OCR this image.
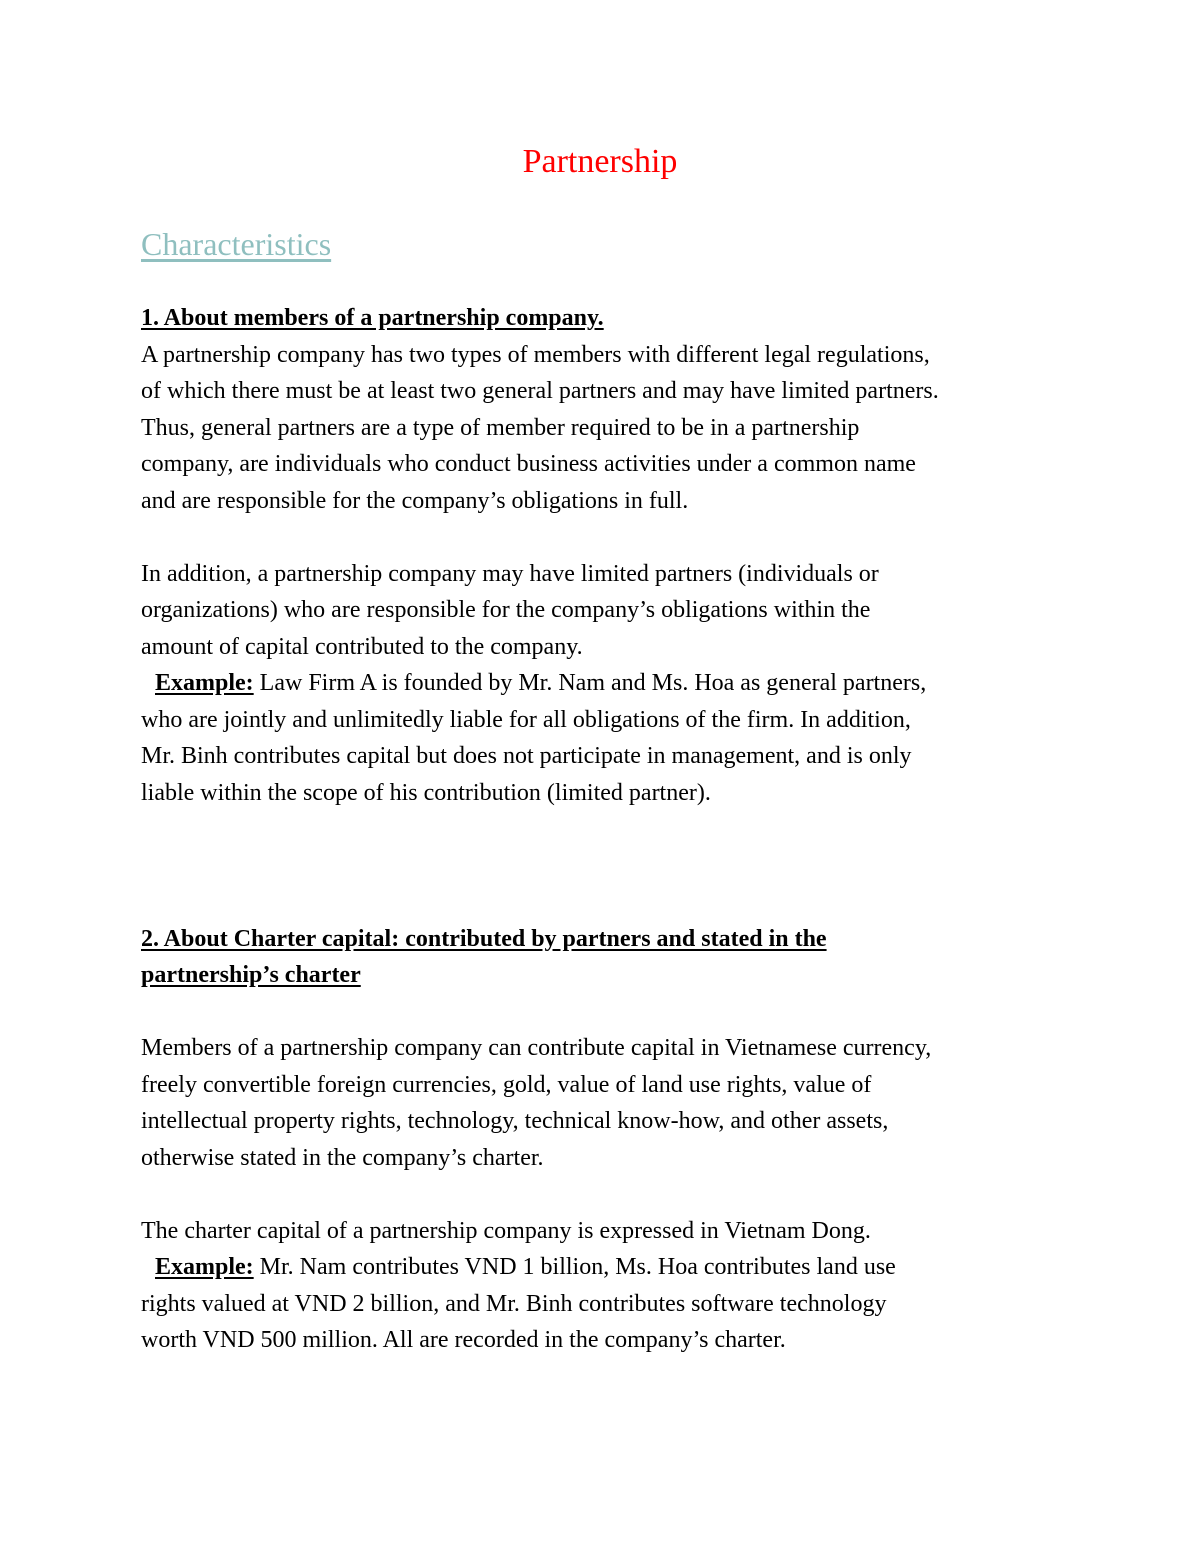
Partnership
Characteristics
1. About members of a partnership company.
A partnership company has two types of members with different legal regulations,
of which there must be at least two general partners and may have limited partners.
Thus, general partners are a type of member required to be in a partnership
company, are individuals who conduct business activities under a common name
and are responsible for the company’s obligations in full.
In addition, a partnership company may have limited partners (individuals or
organizations) who are responsible for the company’s obligations within the
amount of capital contributed to the company.
Example: Law Firm A is founded by Mr. Nam and Ms. Hoa as general partners,
who are jointly and unlimitedly liable for all obligations of the firm. In addition,
Mr. Binh contributes capital but does not participate in management, and is only
liable within the scope of his contribution (limited partner).
2. About Charter capital: contributed by partners and stated in the
partnership’s charter
Members of a partnership company can contribute capital in Vietnamese currency,
freely convertible foreign currencies, gold, value of land use rights, value of
intellectual property rights, technology, technical know-how, and other assets,
otherwise stated in the company’s charter.
The charter capital of a partnership company is expressed in Vietnam Dong.
Example: Mr. Nam contributes VND 1 billion, Ms. Hoa contributes land use
rights valued at VND 2 billion, and Mr. Binh contributes software technology
worth VND 500 million. All are recorded in the company’s charter.
